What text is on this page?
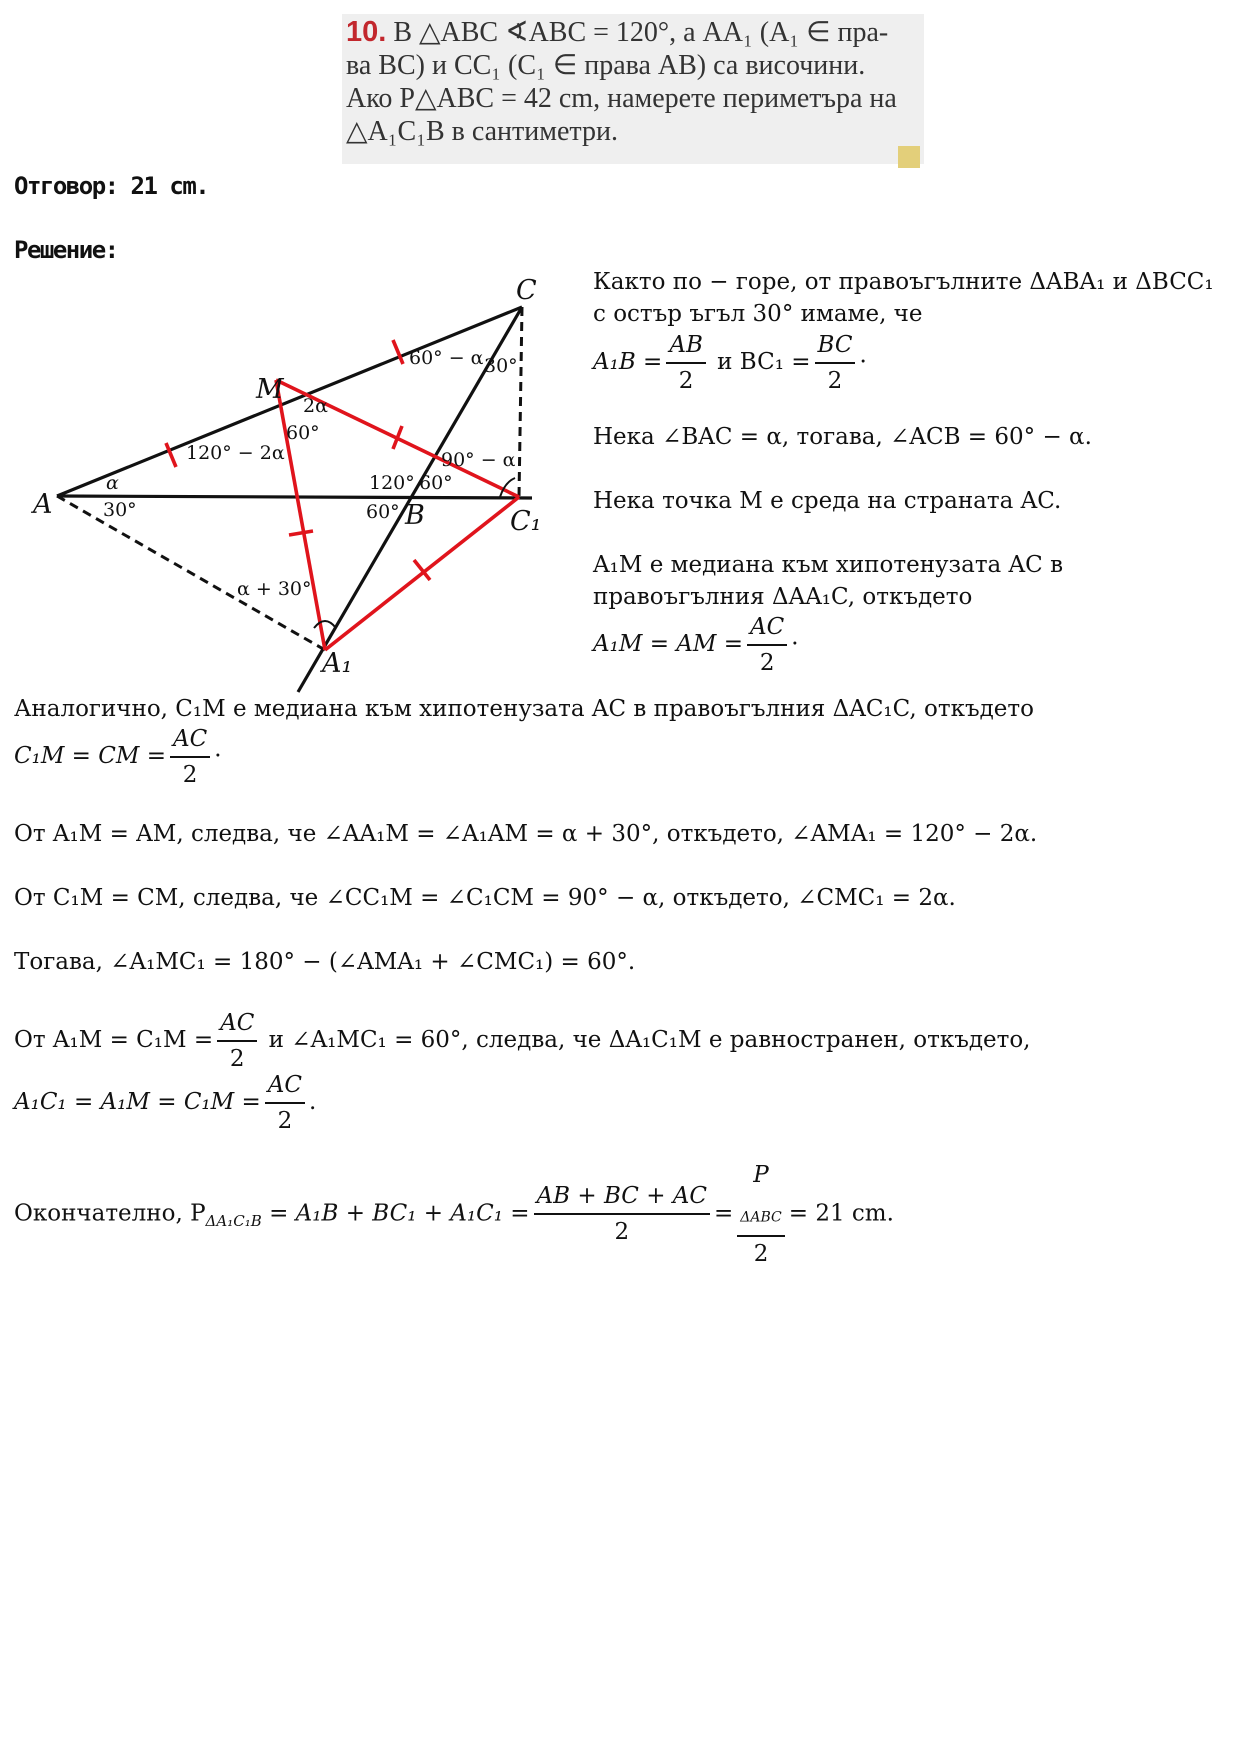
10. В △ABC ∢ABC = 120°, а AA₁ (A₁ ∈ пра-
ва BC) и CC₁ (C₁ ∈ права AB) са височини.
Ако P△ABC = 42 cm, намерете периметъра на
△A₁C₁B в сантиметри.
Отговор: 21 cm.
Решение:
A
C
M
B	C₁
A₁
α
30°
120° − 2α
60°
2α
60° − α 30°
120° 60°
60°
90° − α
α + 30°
Както по − горе, от правоъгълните ΔABA₁ и ΔBCC₁
с остър ъгъл 30° имаме, че
$A_1B = \frac{AB}{2}$ и $BC_1 = \frac{BC}{2}$ ·
Нека ∠BAC = α, тогава, ∠ACB = 60° − α.
Нека точка M е среда на страната AC.
A₁M е медиана към хипотенузата AC в
правоъгълния ΔAA₁C, откъдето
A₁M = AM = $\frac{AC}{2}$ ·
Аналогично, C₁M е медиана към хипотенузата AC в правоъгълния ΔAC₁C, откъдето
C₁M = CM = $\frac{AC}{2}$ ·
От A₁M = AM, следва, че ∠AA₁M = ∠A₁AM = α + 30°, откъдето, ∠AMA₁ = 120° − 2α.
От C₁M = CM, следва, че ∠CC₁M = ∠C₁CM = 90° − α, откъдето, ∠CMC₁ = 2α.
Тогава, ∠A₁MC₁ = 180° − (∠AMA₁ + ∠CMC₁) = 60°.
От $A_1M = C_1M = \frac{AC}{2}$ и ∠A₁MC₁ = 60°, следва, че ΔA₁C₁M е равностранен, откъдето,
$A_1C_1 = A_1M = C_1M = \frac{AC}{2}$ .
Окончателно, $P_{\Delta A_1C_1B} = A_1B + BC_1 + A_1C_1 = \frac{AB + BC + AC}{2} = P$
$_{\Delta ABC}$
2 = 21 cm.
